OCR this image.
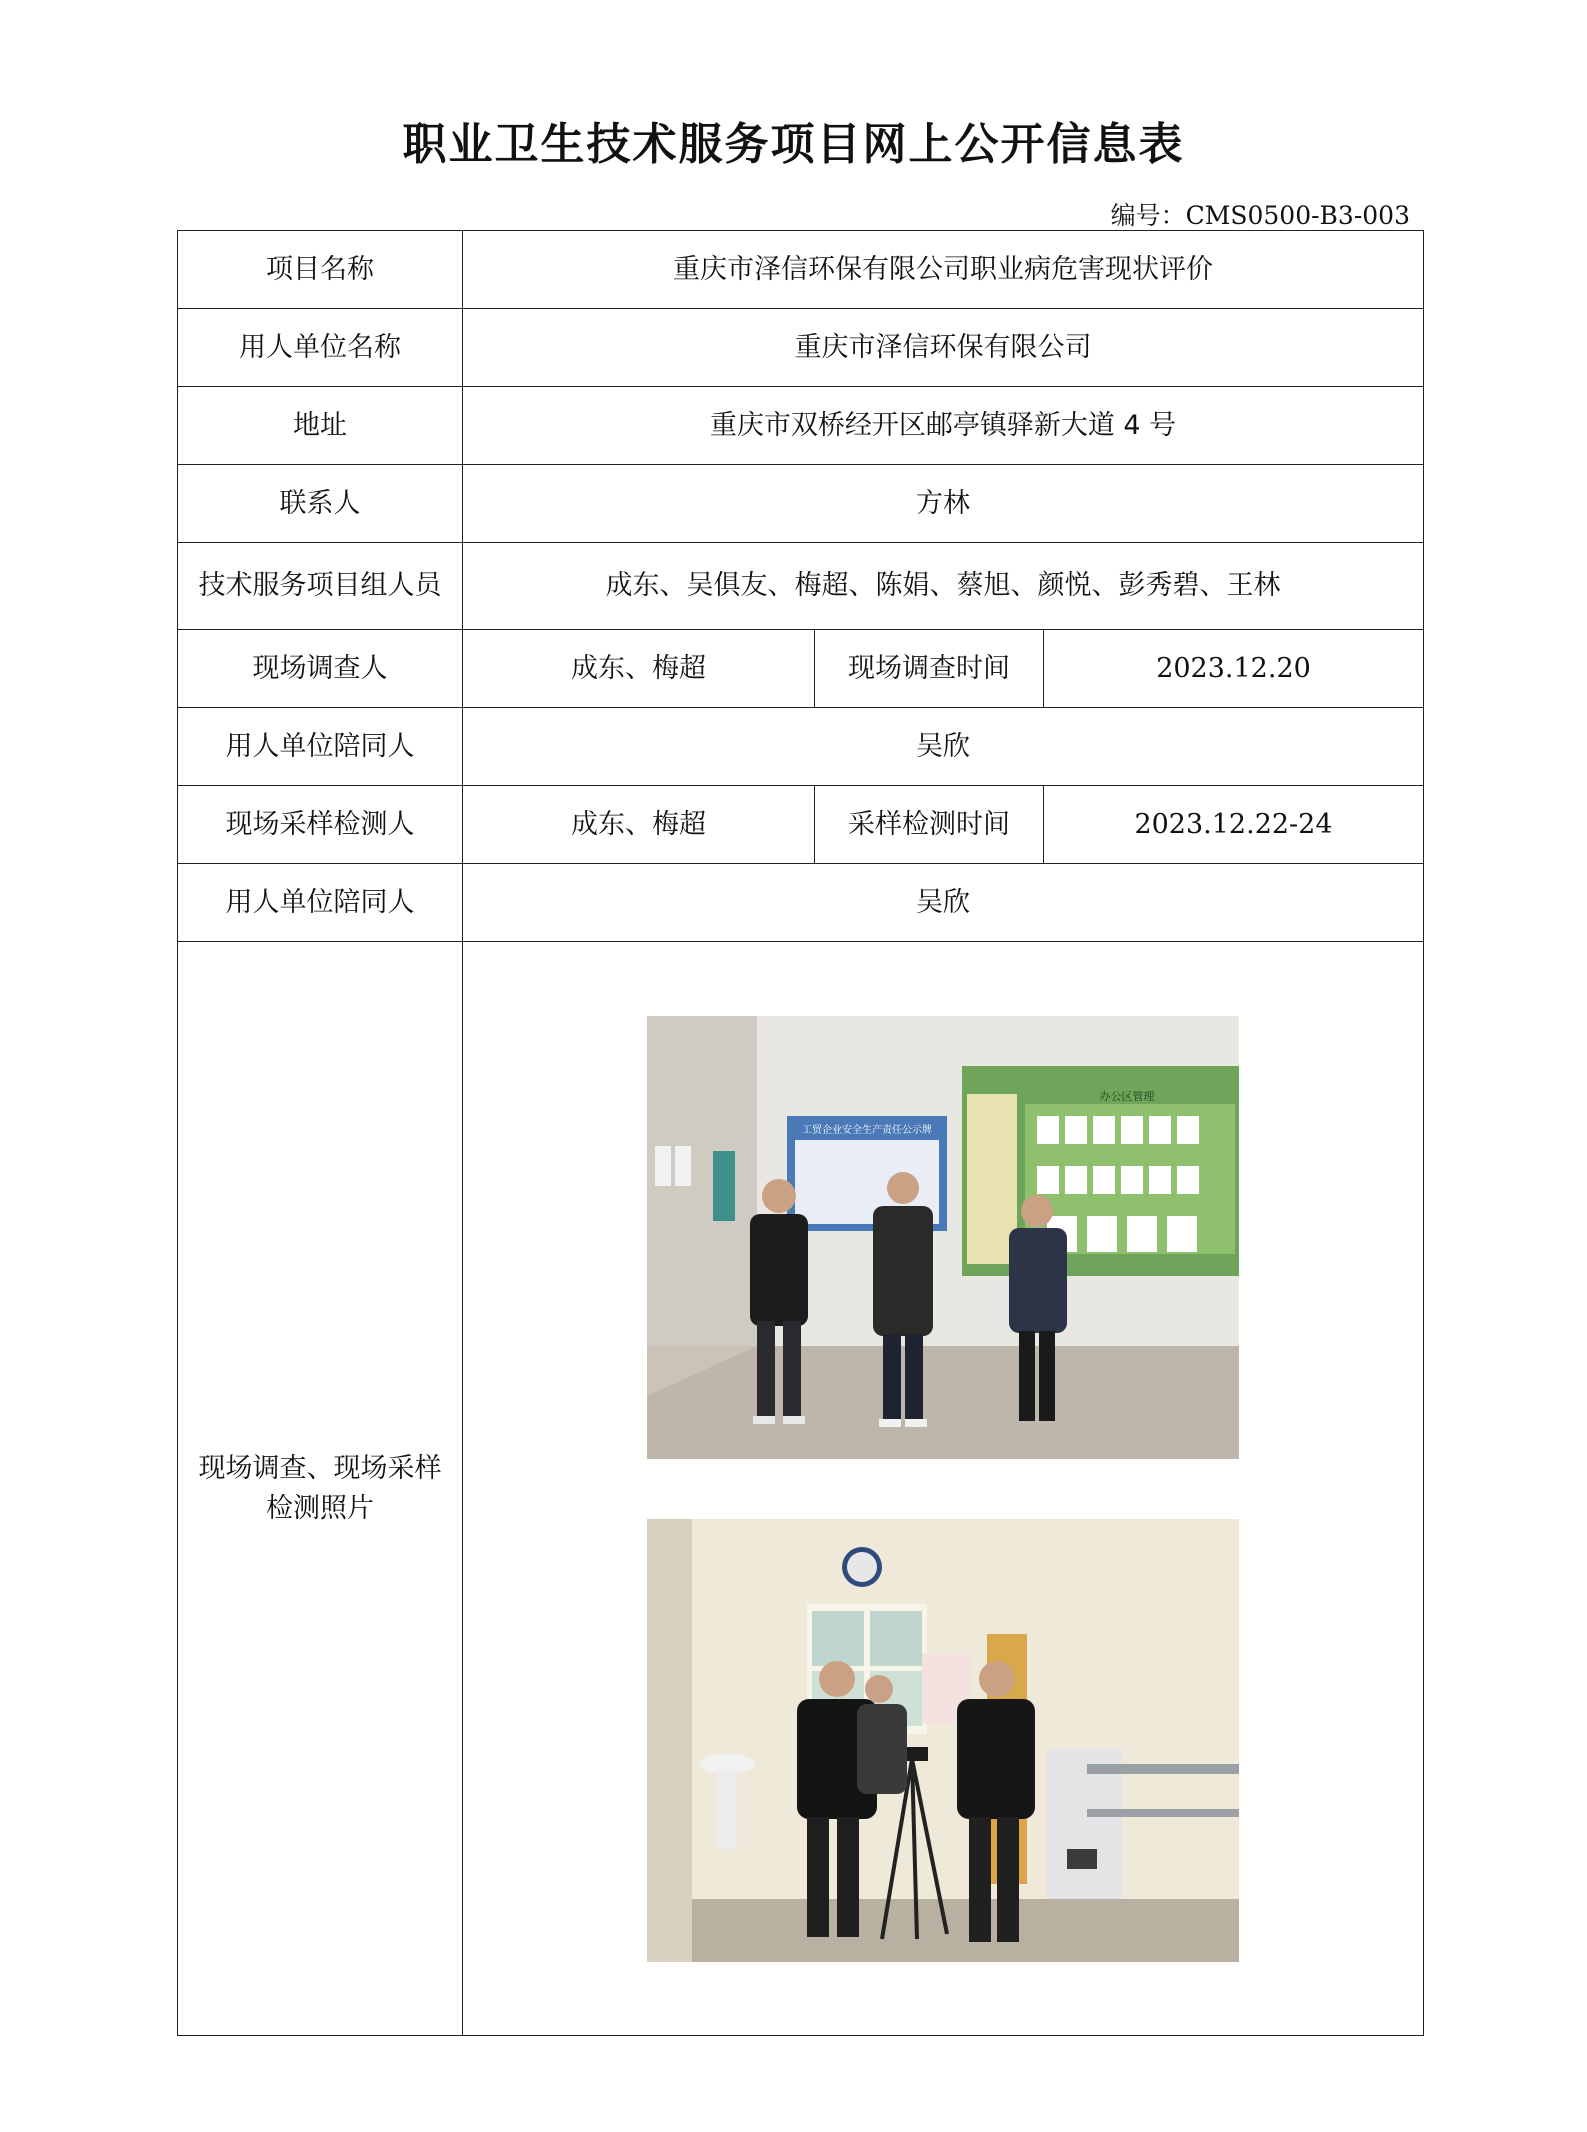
职业卫生技术服务项目网上公开信息表
编号：CMS0500-B3-003
项目名称	重庆市泽信环保有限公司职业病危害现状评价		
用人单位名称	重庆市泽信环保有限公司		
地址	重庆市双桥经开区邮亭镇驿新大道 4 号		
联系人	方林		
技术服务项目组人员	成东、吴俱友、梅超、陈娟、蔡旭、颜悦、彭秀碧、王林		
现场调查人	成东、梅超	现场调查时间	2023.12.20
用人单位陪同人	吴欣		
现场采样检测人	成东、梅超	采样检测时间	2023.12.22-24
用人单位陪同人	吴欣		
现场调查、现场采样检测照片	工贸企业安全生产责任公示牌
办公区管理		
